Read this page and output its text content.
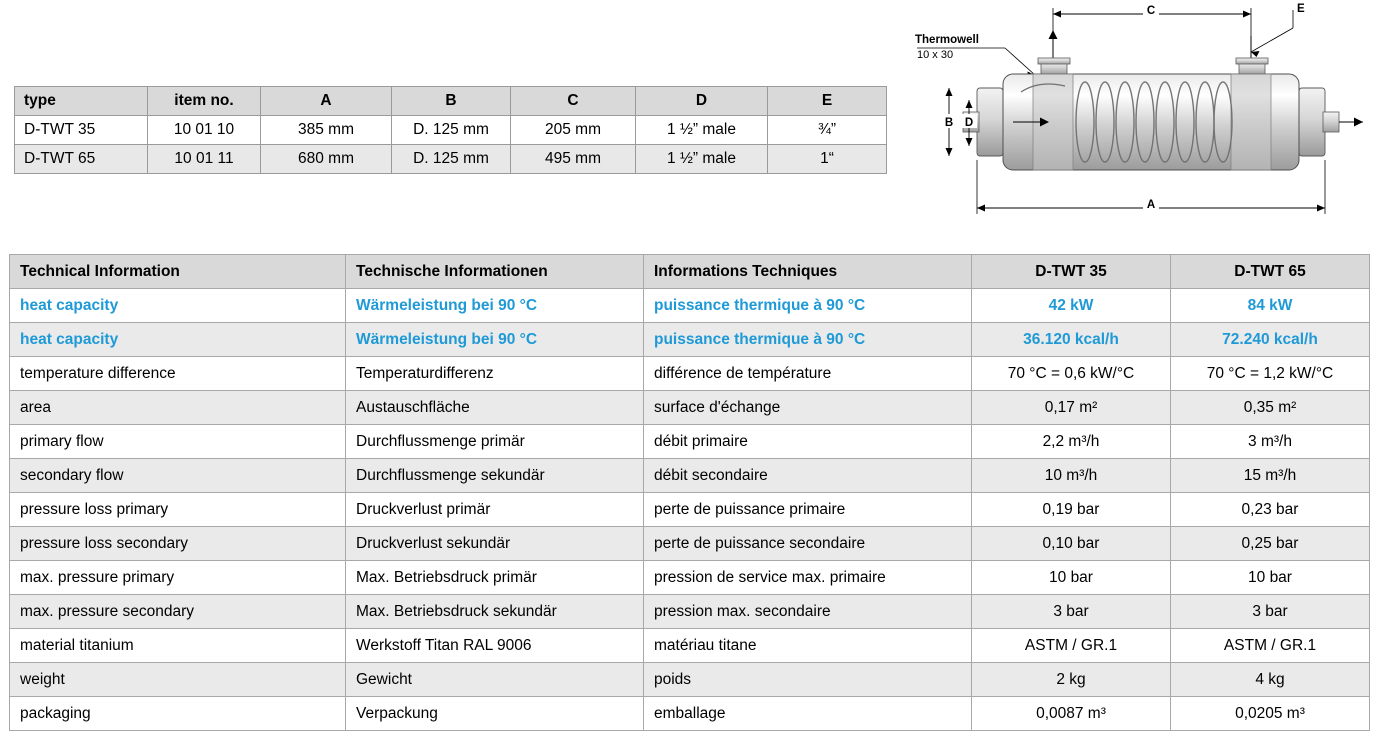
type	item no.	A	B	C	D	E
D-TWT 35	10 01 10	385 mm	D. 125 mm	205 mm	1 ½” male	¾”
D-TWT 65	10 01 11	680 mm	D. 125 mm	495 mm	1 ½” male	1“
C	E
Thermowell
10 x 30
B D
A
Technical Information	Technische Informationen	Informations Techniques	D-TWT 35	D-TWT 65
heat capacity	Wärmeleistung bei 90 °C	puissance thermique à 90 °C	42 kW	84 kW
heat capacity	Wärmeleistung bei 90 °C	puissance thermique à 90 °C	36.120 kcal/h	72.240 kcal/h
temperature difference	Temperaturdifferenz	différence de température	70 °C = 0,6 kW/°C	70 °C = 1,2 kW/°C
area	Austauschfläche	surface d'échange	0,17 m²	0,35 m²
primary flow	Durchflussmenge primär	débit primaire	2,2 m³/h	3 m³/h
secondary flow	Durchflussmenge sekundär	débit secondaire	10 m³/h	15 m³/h
pressure loss primary	Druckverlust primär	perte de puissance primaire	0,19 bar	0,23 bar
pressure loss secondary	Druckverlust sekundär	perte de puissance secondaire	0,10 bar	0,25 bar
max. pressure primary	Max. Betriebsdruck primär	pression de service max. primaire	10 bar	10 bar
max. pressure secondary	Max. Betriebsdruck sekundär	pression max. secondaire	3 bar	3 bar
material titanium	Werkstoff Titan RAL 9006	matériau titane	ASTM / GR.1	ASTM / GR.1
weight	Gewicht	poids	2 kg	4 kg
packaging	Verpackung	emballage	0,0087 m³	0,0205 m³
